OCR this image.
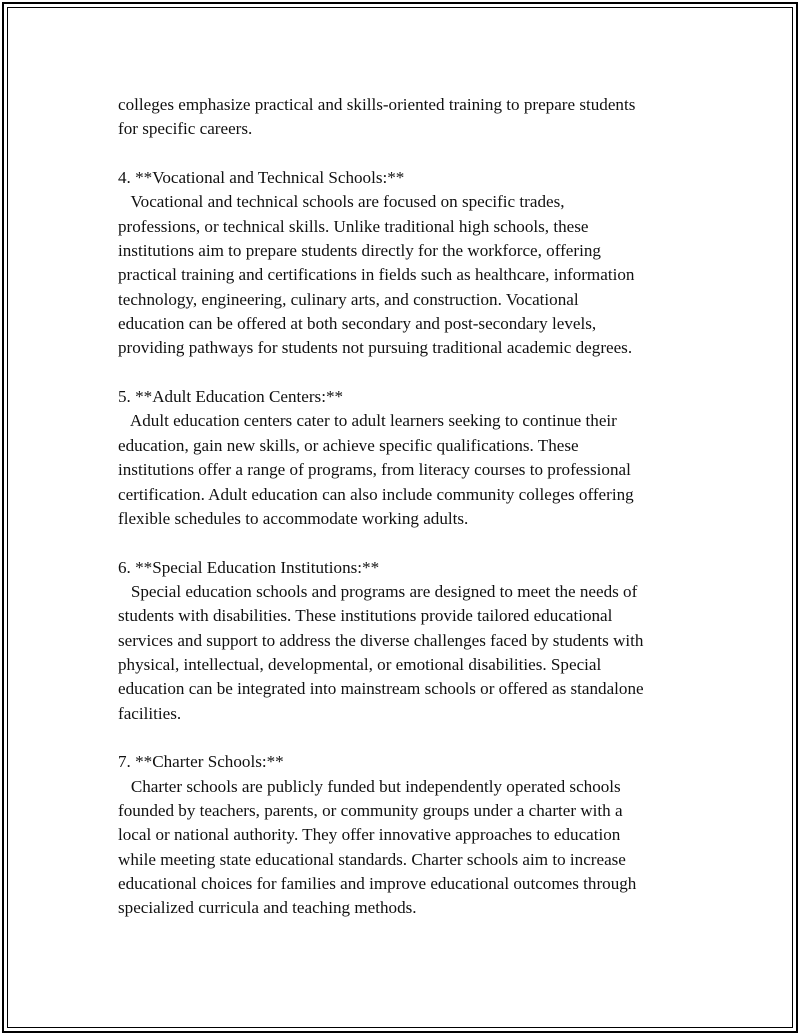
colleges emphasize practical and skills-oriented training to prepare students
for specific careers.
4. **Vocational and Technical Schools:**
Vocational and technical schools are focused on specific trades,
professions, or technical skills. Unlike traditional high schools, these
institutions aim to prepare students directly for the workforce, offering
practical training and certifications in fields such as healthcare, information
technology, engineering, culinary arts, and construction. Vocational
education can be offered at both secondary and post-secondary levels,
providing pathways for students not pursuing traditional academic degrees.
5. **Adult Education Centers:**
Adult education centers cater to adult learners seeking to continue their
education, gain new skills, or achieve specific qualifications. These
institutions offer a range of programs, from literacy courses to professional
certification. Adult education can also include community colleges offering
flexible schedules to accommodate working adults.
6. **Special Education Institutions:**
Special education schools and programs are designed to meet the needs of
students with disabilities. These institutions provide tailored educational
services and support to address the diverse challenges faced by students with
physical, intellectual, developmental, or emotional disabilities. Special
education can be integrated into mainstream schools or offered as standalone
facilities.
7. **Charter Schools:**
Charter schools are publicly funded but independently operated schools
founded by teachers, parents, or community groups under a charter with a
local or national authority. They offer innovative approaches to education
while meeting state educational standards. Charter schools aim to increase
educational choices for families and improve educational outcomes through
specialized curricula and teaching methods.
